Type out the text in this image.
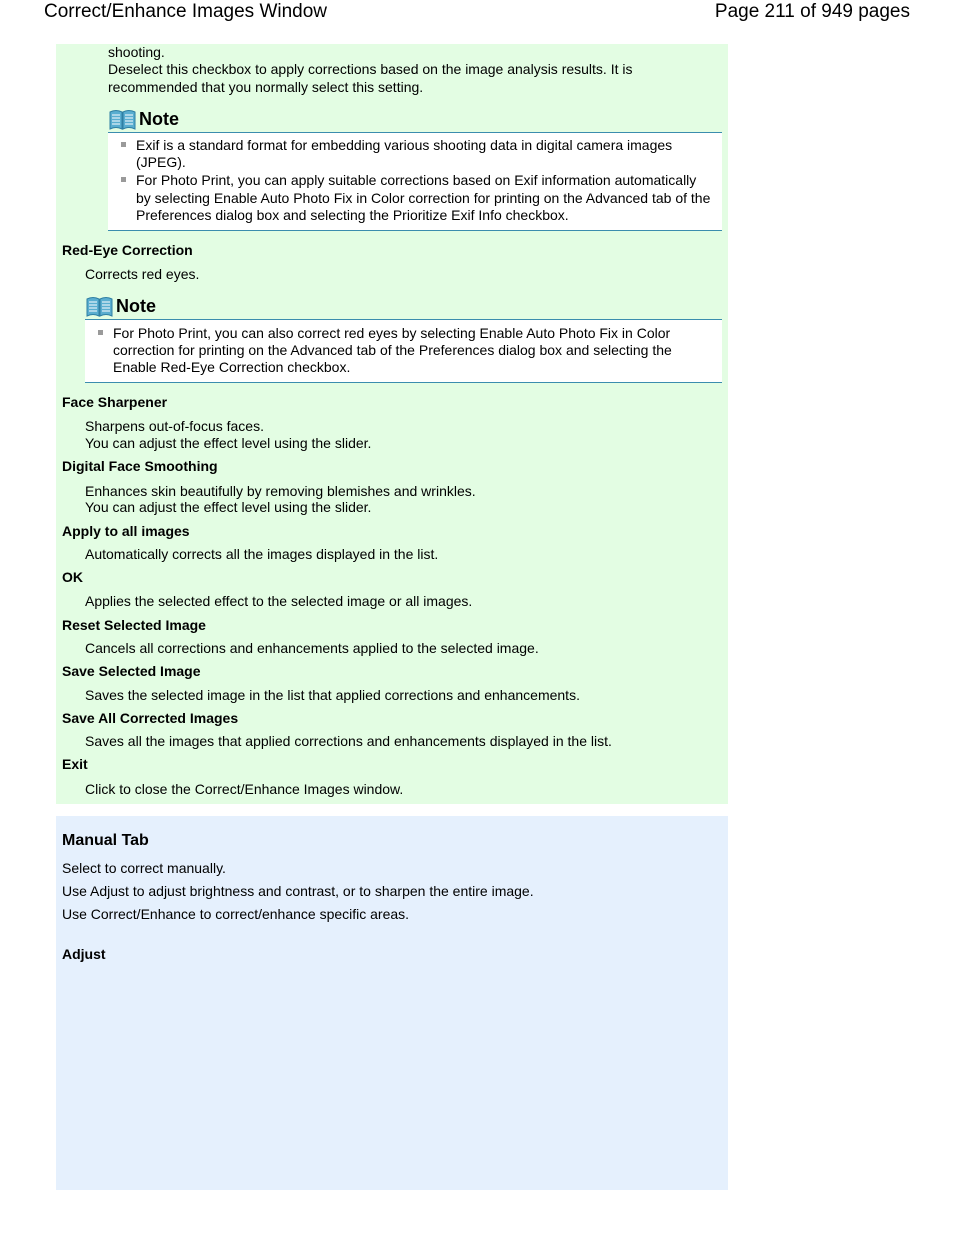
Correct/Enhance Images Window	Page 211 of 949 pages
shooting.
Deselect this checkbox to apply corrections based on the image analysis results. It is
recommended that you normally select this setting.
Note
Exif is a standard format for embedding various shooting data in digital camera images
(JPEG).
For Photo Print, you can apply suitable corrections based on Exif information automatically
by selecting Enable Auto Photo Fix in Color correction for printing on the Advanced tab of the
Preferences dialog box and selecting the Prioritize Exif Info checkbox.
Red-Eye Correction
Corrects red eyes.
Note
For Photo Print, you can also correct red eyes by selecting Enable Auto Photo Fix in Color
correction for printing on the Advanced tab of the Preferences dialog box and selecting the
Enable Red-Eye Correction checkbox.
Face Sharpener
Sharpens out-of-focus faces.
You can adjust the effect level using the slider.
Digital Face Smoothing
Enhances skin beautifully by removing blemishes and wrinkles.
You can adjust the effect level using the slider.
Apply to all images
Automatically corrects all the images displayed in the list.
OK
Applies the selected effect to the selected image or all images.
Reset Selected Image
Cancels all corrections and enhancements applied to the selected image.
Save Selected Image
Saves the selected image in the list that applied corrections and enhancements.
Save All Corrected Images
Saves all the images that applied corrections and enhancements displayed in the list.
Exit
Click to close the Correct/Enhance Images window.
Manual Tab
Select to correct manually.
Use Adjust to adjust brightness and contrast, or to sharpen the entire image.
Use Correct/Enhance to correct/enhance specific areas.
Adjust
